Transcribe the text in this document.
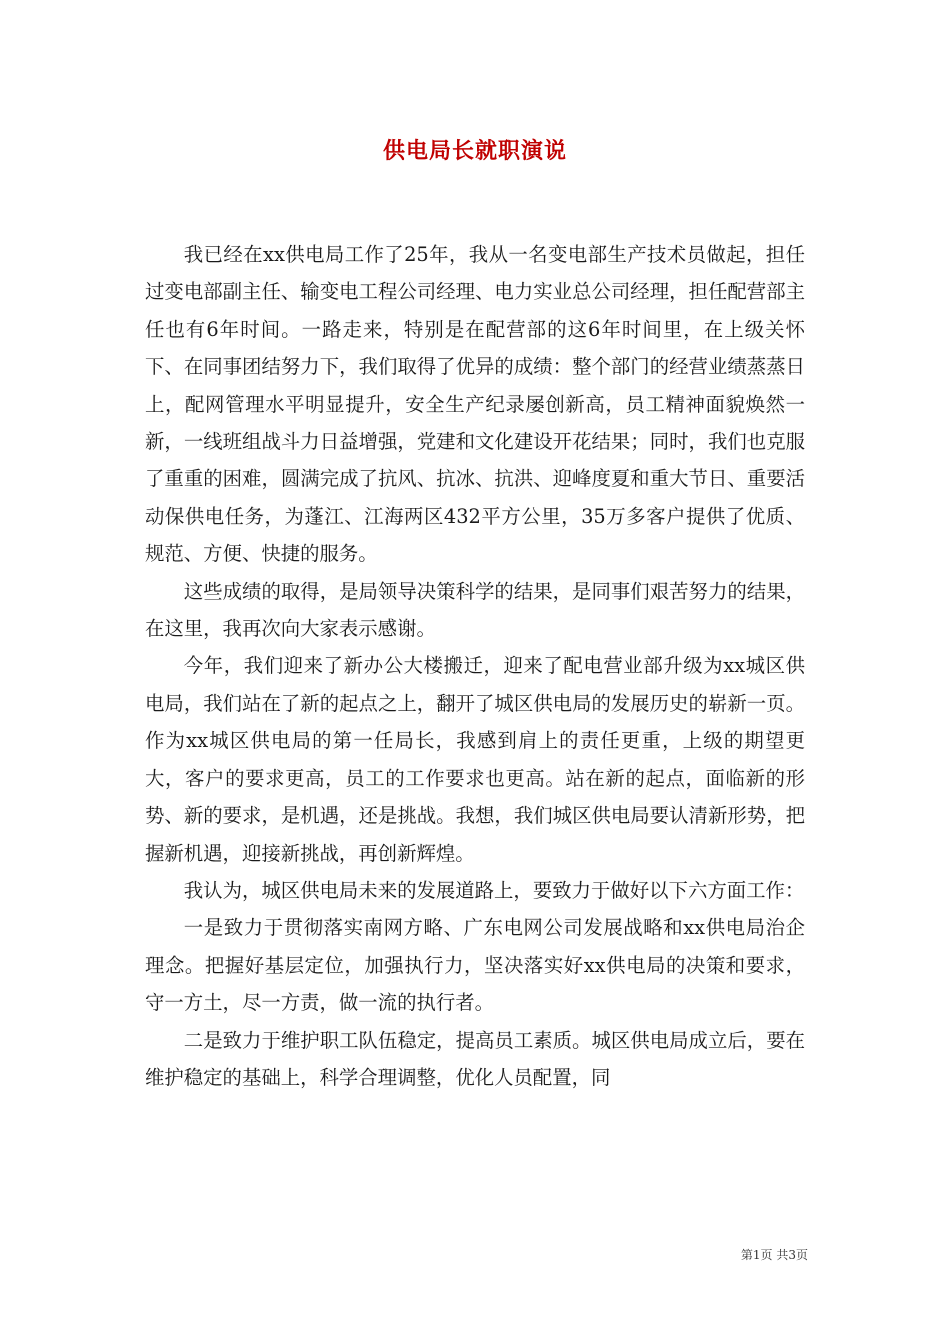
供电局长就职演说

我已经在xx供电局工作了25年，我从一名变电部生产技术员做起，担任过变电部副主任、输变电工程公司经理、电力实业总公司经理，担任配营部主任也有6年时间。一路走来，特别是在配营部的这6年时间里，在上级关怀下、在同事团结努力下，我们取得了优异的成绩：整个部门的经营业绩蒸蒸日上，配网管理水平明显提升，安全生产纪录屡创新高，员工精神面貌焕然一新，一线班组战斗力日益增强，党建和文化建设开花结果；同时，我们也克服了重重的困难，圆满完成了抗风、抗冰、抗洪、迎峰度夏和重大节日、重要活动保供电任务，为蓬江、江海两区432平方公里，35万多客户提供了优质、规范、方便、快捷的服务。

这些成绩的取得，是局领导决策科学的结果，是同事们艰苦努力的结果，在这里，我再次向大家表示感谢。

今年，我们迎来了新办公大楼搬迁，迎来了配电营业部升级为xx城区供电局，我们站在了新的起点之上，翻开了城区供电局的发展历史的崭新一页。作为xx城区供电局的第一任局长，我感到肩上的责任更重，上级的期望更大，客户的要求更高，员工的工作要求也更高。站在新的起点，面临新的形势、新的要求，是机遇，还是挑战。我想，我们城区供电局要认清新形势，把握新机遇，迎接新挑战，再创新辉煌。

我认为，城区供电局未来的发展道路上，要致力于做好以下六方面工作：

一是致力于贯彻落实南网方略、广东电网公司发展战略和xx供电局治企理念。把握好基层定位，加强执行力，坚决落实好xx供电局的决策和要求，守一方土，尽一方责，做一流的执行者。

二是致力于维护职工队伍稳定，提高员工素质。城区供电局成立后，要在维护稳定的基础上，科学合理调整，优化人员配置，同

第1页 共3页
